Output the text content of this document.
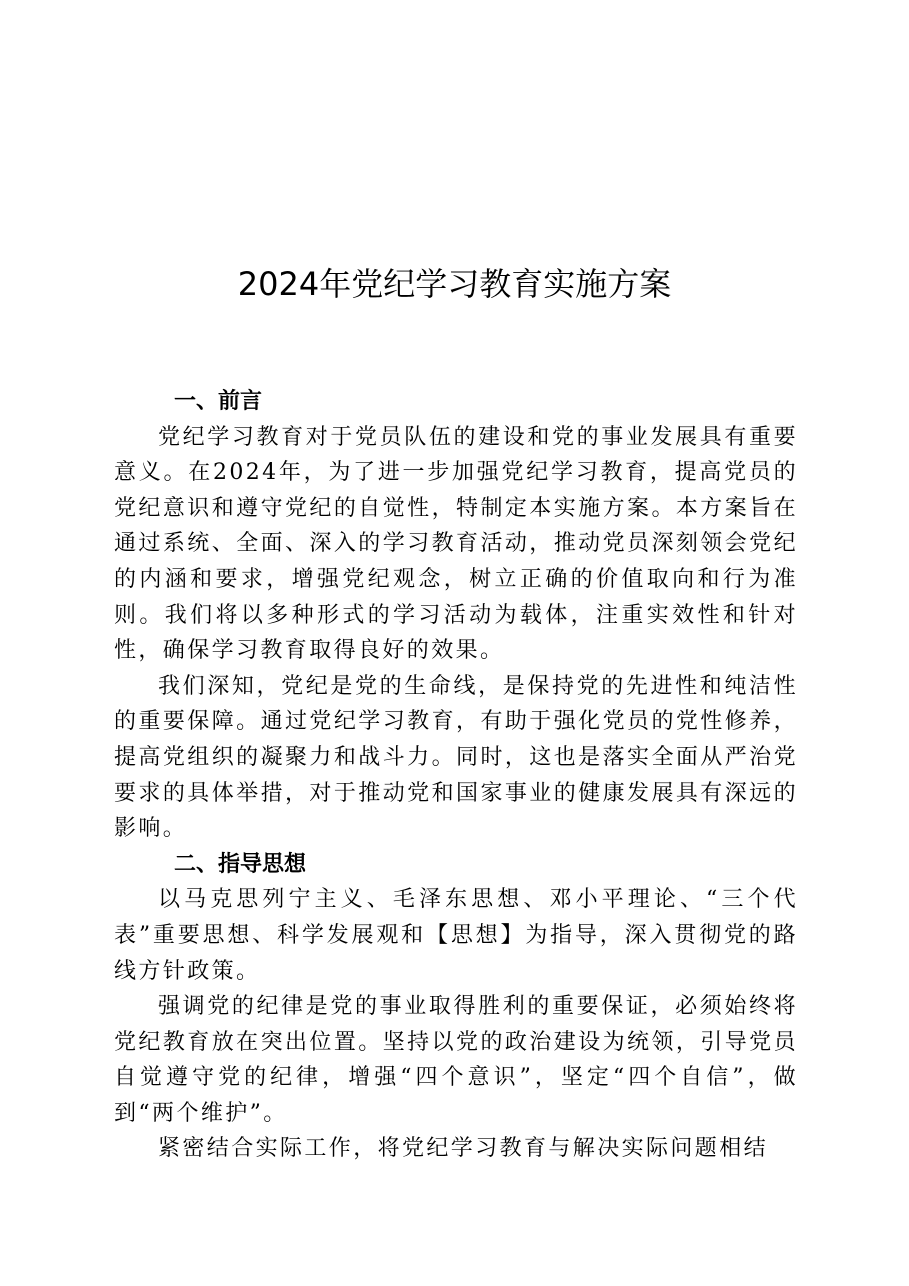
2024年党纪学习教育实施方案
一、前言

党纪学习教育对于党员队伍的建设和党的事业发展具有重要意义。在2024年，为了进一步加强党纪学习教育，提高党员的党纪意识和遵守党纪的自觉性，特制定本实施方案。本方案旨在通过系统、全面、深入的学习教育活动，推动党员深刻领会党纪的内涵和要求，增强党纪观念，树立正确的价值取向和行为准则。我们将以多种形式的学习活动为载体，注重实效性和针对性，确保学习教育取得良好的效果。

我们深知，党纪是党的生命线，是保持党的先进性和纯洁性的重要保障。通过党纪学习教育，有助于强化党员的党性修养，提高党组织的凝聚力和战斗力。同时，这也是落实全面从严治党要求的具体举措，对于推动党和国家事业的健康发展具有深远的影响。

二、指导思想

以马克思列宁主义、毛泽东思想、邓小平理论、“三个代表”重要思想、科学发展观和【思想】为指导，深入贯彻党的路线方针政策。

强调党的纪律是党的事业取得胜利的重要保证，必须始终将党纪教育放在突出位置。坚持以党的政治建设为统领，引导党员自觉遵守党的纪律，增强“四个意识”，坚定“四个自信”，做到“两个维护”。

紧密结合实际工作，将党纪学习教育与解决实际问题相结
